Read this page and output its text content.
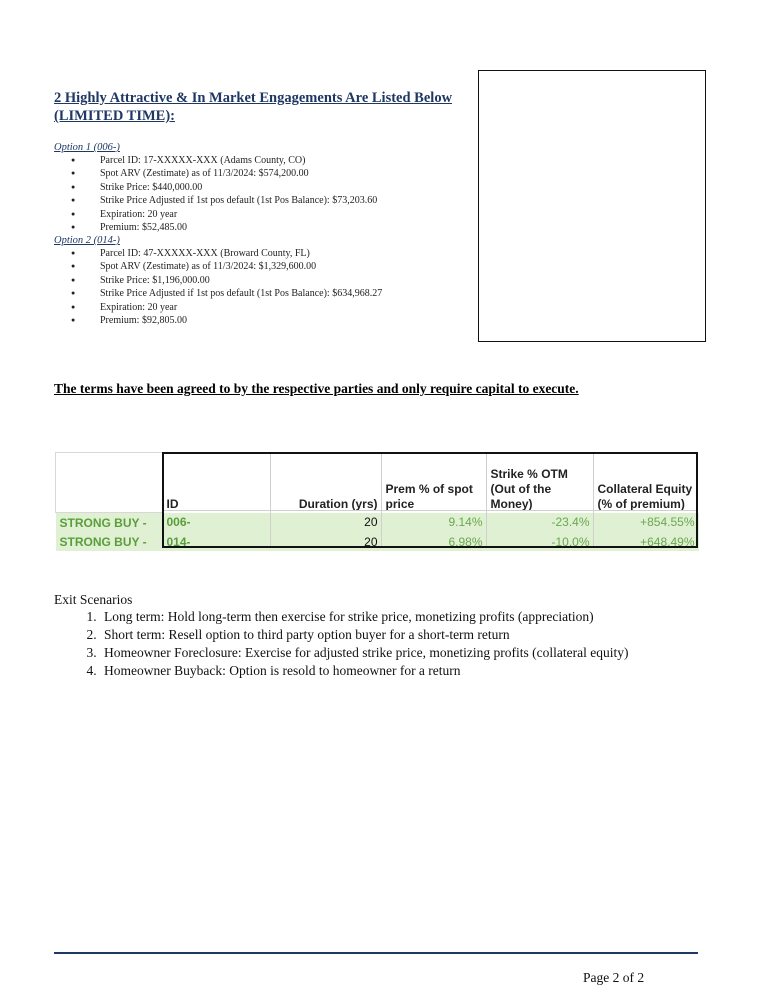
2 Highly Attractive & In Market Engagements Are Listed Below (LIMITED TIME):
Option 1 (006-)
● Parcel ID: 17-XXXXX-XXX (Adams County, CO)
● Spot ARV (Zestimate) as of 11/3/2024: $574,200.00
● Strike Price: $440,000.00
● Strike Price Adjusted if 1st pos default (1st Pos Balance): $73,203.60
● Expiration: 20 year
● Premium: $52,485.00
Option 2 (014-)
● Parcel ID: 47-XXXXX-XXX (Broward County, FL)
● Spot ARV (Zestimate) as of 11/3/2024: $1,329,600.00
● Strike Price: $1,196,000.00
● Strike Price Adjusted if 1st pos default (1st Pos Balance): $634,968.27
● Expiration: 20 year
● Premium: $92,805.00
The terms have been agreed to by the respective parties and only require capital to execute.
	ID	Duration (yrs)	Prem % of spot price	Strike % OTM (Out of the Money)	Collateral Equity (% of premium)
STRONG BUY -	006-	20	9.14%	-23.4%	+854.55%
STRONG BUY -	014-	20	6.98%	-10.0%	+648.49%
Exit Scenarios
1. Long term: Hold long-term then exercise for strike price, monetizing profits (appreciation)
2. Short term: Resell option to third party option buyer for a short-term return
3. Homeowner Foreclosure: Exercise for adjusted strike price, monetizing profits (collateral equity)
4. Homeowner Buyback: Option is resold to homeowner for a return
Page 2 of 2
